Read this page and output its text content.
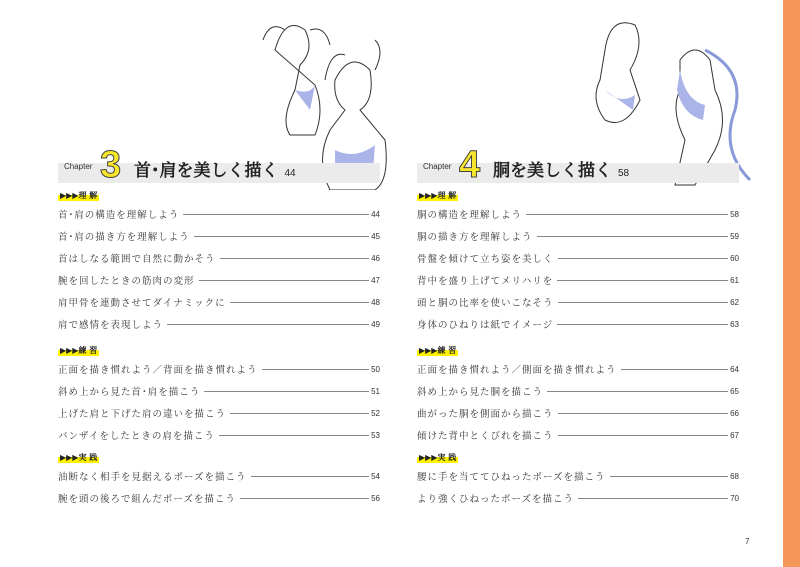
Chapter 3 首･肩を美しく描く 44
▶▶▶理 解
首･肩の構造を理解しよう	44
首･肩の描き方を理解しよう	45
首はしなる範囲で自然に動かそう	46
腕を回したときの筋肉の変形	47
肩甲骨を連動させてダイナミックに	48
肩で感情を表現しよう	49
▶▶▶練 習
正面を描き慣れよう／背面を描き慣れよう	50
斜め上から見た首･肩を描こう	51
上げた肩と下げた肩の違いを描こう	52
バンザイをしたときの肩を描こう	53
▶▶▶実 践
油断なく相手を見据えるポーズを描こう	54
腕を頭の後ろで組んだポーズを描こう	56
Chapter 4 胴を美しく描く 58
▶▶▶理 解
胴の構造を理解しよう	58
胴の描き方を理解しよう	59
骨盤を傾けて立ち姿を美しく	60
背中を盛り上げてメリハリを	61
頭と胴の比率を使いこなそう	62
身体のひねりは紙でイメージ	63
▶▶▶練 習
正面を描き慣れよう／側面を描き慣れよう	64
斜め上から見た胴を描こう	65
曲がった胴を側面から描こう	66
傾けた背中とくびれを描こう	67
▶▶▶実 践
腰に手を当ててひねったポーズを描こう	68
より強くひねったポーズを描こう	70
7
